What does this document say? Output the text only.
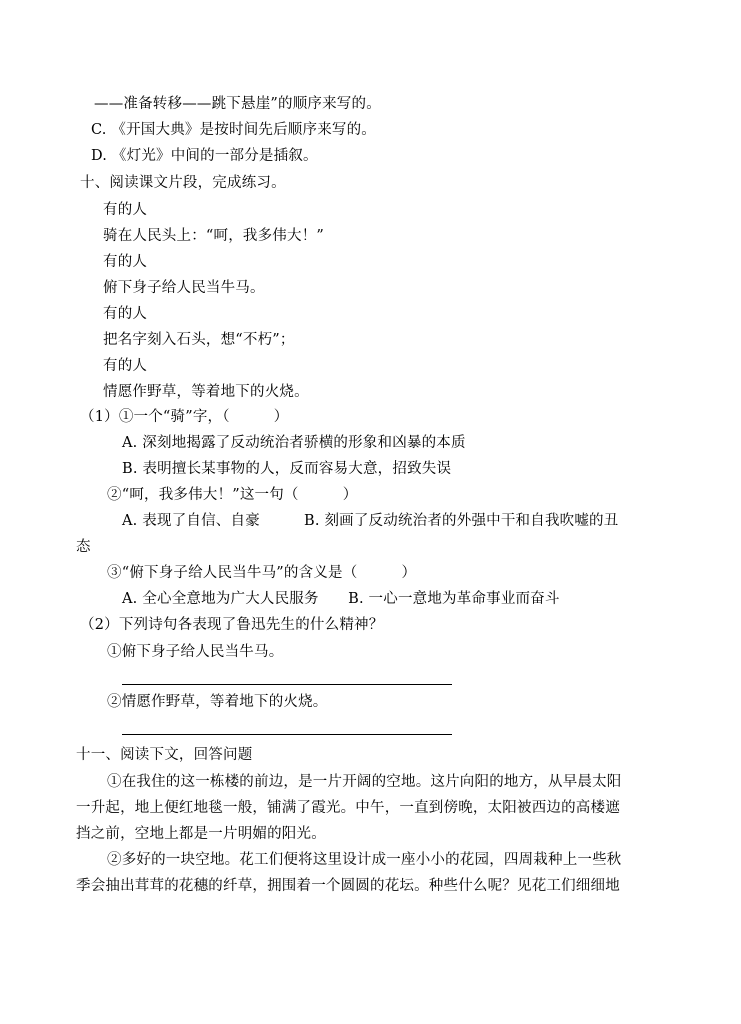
——准备转移——跳下悬崖”的顺序来写的。
C. 《开国大典》是按时间先后顺序来写的。
D. 《灯光》中间的一部分是插叙。
十、阅读课文片段，完成练习。
有的人
骑在人民头上：“呵，我多伟大！”
有的人
俯下身子给人民当牛马。
有的人
把名字刻入石头，想“不朽”；
有的人
情愿作野草，等着地下的火烧。
（1）①一个“骑”字，（　　　）
A. 深刻地揭露了反动统治者骄横的形象和凶暴的本质
B. 表明擅长某事物的人，反而容易大意，招致失误
②“呵，我多伟大！”这一句（　　　）
A. 表现了自信、自豪　　　B. 刻画了反动统治者的外强中干和自我吹嘘的丑
态
③“俯下身子给人民当牛马”的含义是（　　　）
A. 全心全意地为广大人民服务　　B. 一心一意地为革命事业而奋斗
（2）下列诗句各表现了鲁迅先生的什么精神？
①俯下身子给人民当牛马。
②情愿作野草，等着地下的火烧。
十一、阅读下文，回答问题
①在我住的这一栋楼的前边，是一片开阔的空地。这片向阳的地方，从早晨太阳
一升起，地上便红地毯一般，铺满了霞光。中午，一直到傍晚，太阳被西边的高楼遮
挡之前，空地上都是一片明媚的阳光。
②多好的一块空地。花工们便将这里设计成一座小小的花园，四周栽种上一些秋
季会抽出茸茸的花穗的纤草，拥围着一个圆圆的花坛。种些什么呢？见花工们细细地
